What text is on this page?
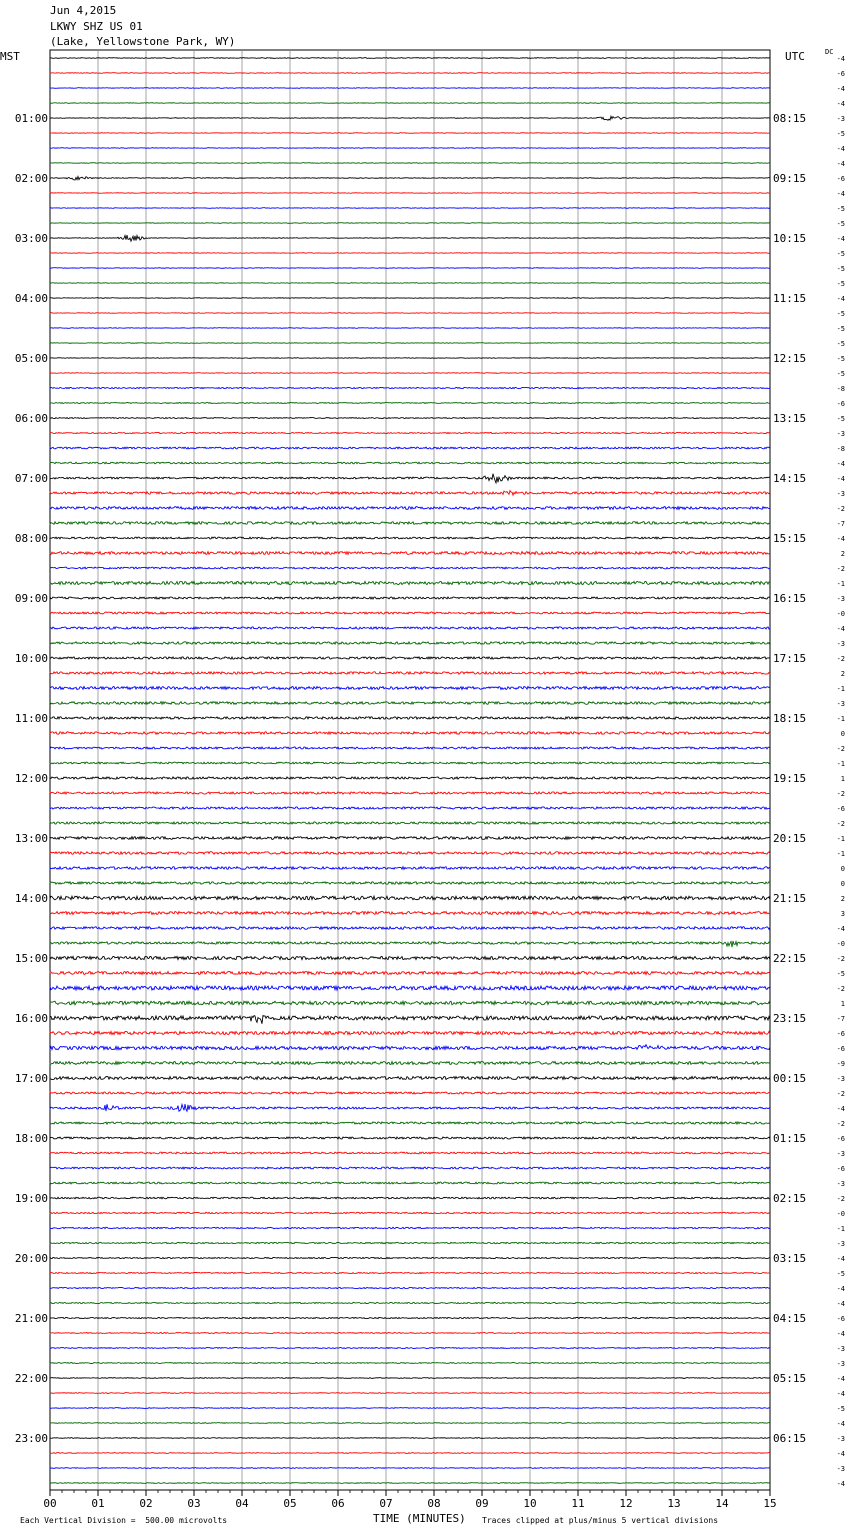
Jun 4,2015
LKWY SHZ US 01
(Lake, Yellowstone Park, WY)
MST	UTC	DC
-4
-6
-4
-4
-3
-5
-4
-4
-6
-4
-5
-5
-4
-5
-5
-5
-4
-5
-5
-5
-5
-5
-8
-6
-5
-3
-8
-4
-4
-3
-2
-7
-4
2
-2
-1
-3
-0
-4
-3
-2
2
-1
-3
-1
0
-2
-1
1
-2
-6
-2
-1
-1
0
0
2
3
-4
-0
-2
-5
-2
1
-7
-6
-6
-9
-3
-2
-4
-2
-6
-3
-6
-3
-2
-0
-1
-3
-4
-5
-4
-4
-6
-4
-3
-3
-4
-4
-5
-4
-3
-4
-3
-4
01:00	08:15
02:00	09:15
03:00	10:15
04:00	11:15
05:00	12:15
06:00	13:15
07:00	14:15
08:00	15:15
09:00	16:15
10:00	17:15
11:00	18:15
12:00	19:15
13:00	20:15
14:00	21:15
15:00	22:15
16:00	23:15
17:00	00:15
18:00	01:15
19:00	02:15
20:00	03:15
21:00	04:15
22:00	05:15
23:00	06:15
00	01	02	03	04	05	06	07	08	09	10	11	12	13	14	15
Each Vertical Division =  500.00 microvolts	TIME (MINUTES) Traces clipped at plus/minus 5 vertical divisions
